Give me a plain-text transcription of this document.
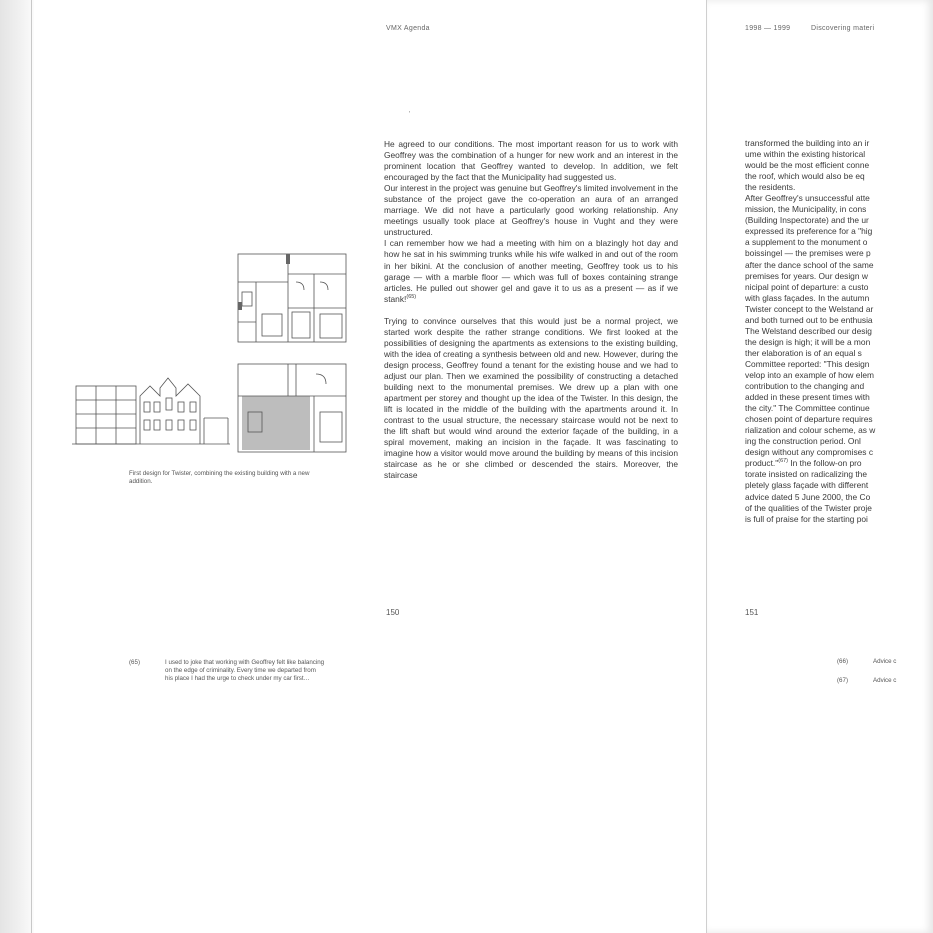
VMX Agenda
'

He agreed to our conditions. The most important reason for us to work with Geoffrey was the combination of a hunger for new work and an interest in the prominent location that Geoffrey wanted to develop. In addition, we felt encouraged by the fact that the Municipality had suggested us.

Our interest in the project was genuine but Geoffrey's limited involvement in the substance of the project gave the co-operation an aura of an arranged marriage. We did not have a particularly good working relationship. Any meetings usually took place at Geoffrey's house in Vught and they were unstructured.

I can remember how we had a meeting with him on a blazingly hot day and how he sat in his swimming trunks while his wife walked in and out of the room in her bikini. At the conclusion of another meeting, Geoffrey took us to his garage — with a marble floor — which was full of boxes containing strange articles. He pulled out shower gel and gave it to us as a present — as if we stank!$^{(65)}$

Trying to convince ourselves that this would just be a normal project, we started work despite the rather strange conditions. We first looked at the possibilities of designing the apartments as extensions to the existing building, with the idea of creating a synthesis between old and new. However, during the design process, Geoffrey found a tenant for the existing house and we had to adjust our plan. Then we examined the possibility of constructing a detached building next to the monumental premises. We drew up a plan with one apartment per storey and thought up the idea of the Twister. In this design, the lift is located in the middle of the building with the apartments around it. In contrast to the usual structure, the necessary staircase would not be next to the lift shaft but would wind around the exterior façade of the building, in a spiral movement, making an incision in the façade. It was fascinating to imagine how a visitor would move around the building by means of this incision staircase as he or she climbed or descended the stairs. Moreover, the staircase

150
First design for Twister, combining the existing building with a new addition.
(65)	I used to joke that working with Geoffrey felt like balancing on the edge of criminality. Every time we departed from his place I had the urge to check under my car first…
1998 — 1999	Discovering materi

transformed the building into an ir

ume within the existing historical

would be the most efficient conne

the roof, which would also be eq

the residents.

After Geoffrey's unsuccessful atte

mission, the Municipality, in cons

(Building Inspectorate) and the ur

expressed its preference for a "hig

a supplement to the monument o

boissingel — the premises were p

after the dance school of the same

premises for years. Our design w

nicipal point of departure: a custo

with glass façades. In the autumn

Twister concept to the Welstand ar

and both turned out to be enthusia

The Welstand described our desig

the design is high; it will be a mon

ther elaboration is of an equal s

Committee reported: "This design

velop into an example of how elem

contribution to the changing and

added in these present times with

the city." The Committee continue

chosen point of departure requires

rialization and colour scheme, as w

ing the construction period. Onl

design without any compromises c

product."$^{(67)}$ In the follow-on pro

torate insisted on radicalizing the

pletely glass façade with different

advice dated 5 June 2000, the Co

of the qualities of the Twister proje

is full of praise for the starting poi

151
(66)	Advice c
(67)	Advice c
